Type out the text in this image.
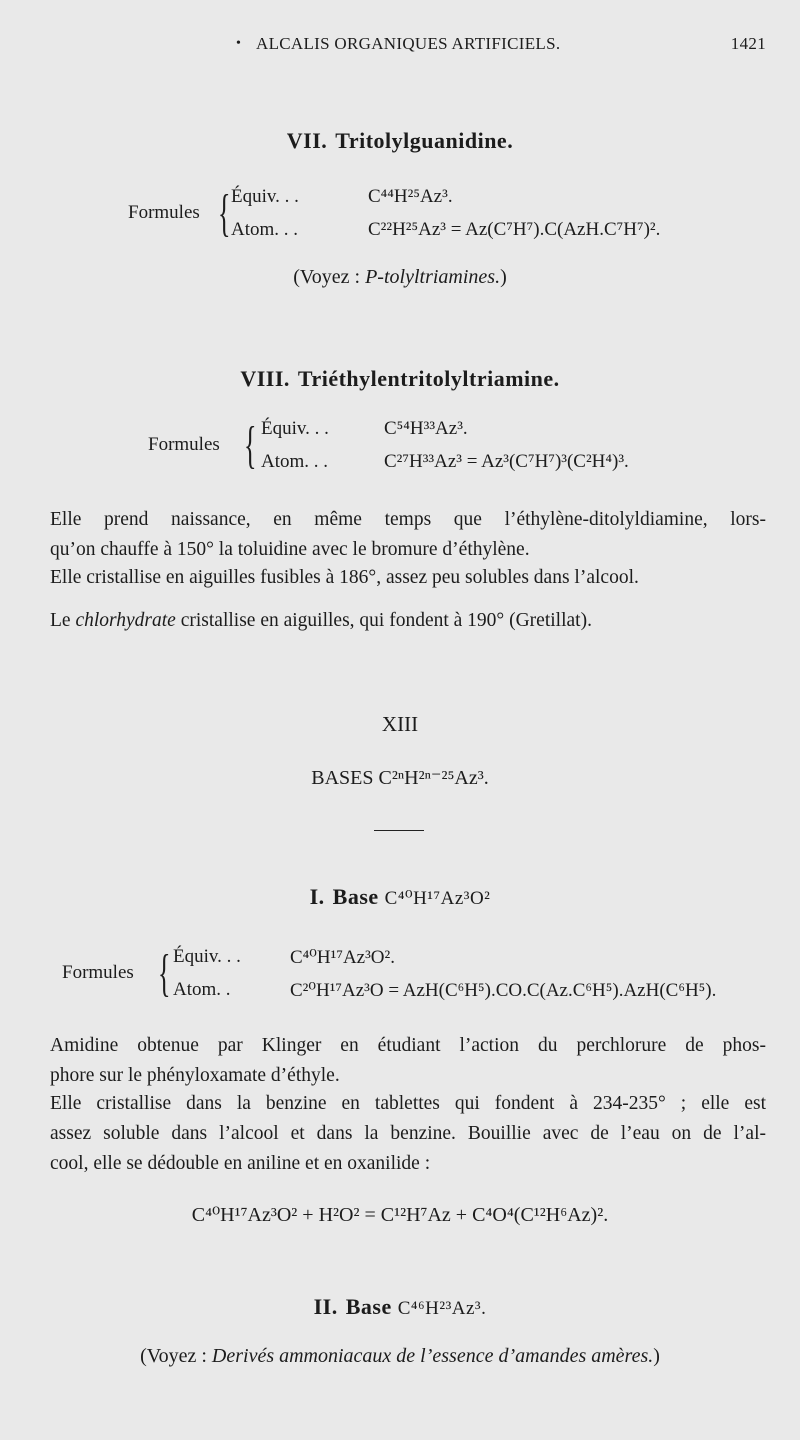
• ALCALIS ORGANIQUES ARTIFICIELS.	1421
VII. Tritolylguanidine.
Formules { Équiv. . .	C⁴⁴H²⁵Az³.
Atom. . .	C²²H²⁵Az³ = Az(C⁷H⁷).C(AzH.C⁷H⁷)².
(Voyez : P-tolyltriamines.)
VIII. Triéthylentritolyltriamine.
Formules { Équiv. . .	C⁵⁴H³³Az³.
Atom. . .	C²⁷H³³Az³ = Az³(C⁷H⁷)³(C²H⁴)³.
Elle prend naissance, en même temps que l’éthylène-ditolyldiamine, lors-
qu’on chauffe à 150° la toluidine avec le bromure d’éthylène.
Elle cristallise en aiguilles fusibles à 186°, assez peu solubles dans l’alcool.
Le chlorhydrate cristallise en aiguilles, qui fondent à 190° (Gretillat).
XIII
BASES C²ⁿH²ⁿ⁻²⁵Az³.
I. Base C⁴⁰H¹⁷Az³O²
Formules { Équiv. . .	C⁴⁰H¹⁷Az³O².
Atom. .	C²⁰H¹⁷Az³O = AzH(C⁶H⁵).CO.C(Az.C⁶H⁵).AzH(C⁶H⁵).
Amidine obtenue par Klinger en étudiant l’action du perchlorure de phos-
phore sur le phényloxamate d’éthyle.
Elle cristallise dans la benzine en tablettes qui fondent à 234-235° ; elle est
assez soluble dans l’alcool et dans la benzine. Bouillie avec de l’eau on de l’al-
cool, elle se dédouble en aniline et en oxanilide :
C⁴⁰H¹⁷Az³O² + H²O² = C¹²H⁷Az + C⁴O⁴(C¹²H⁶Az)².
II. Base C⁴⁶H²³Az³.
(Voyez : Derivés ammoniacaux de l’essence d’amandes amères.)
